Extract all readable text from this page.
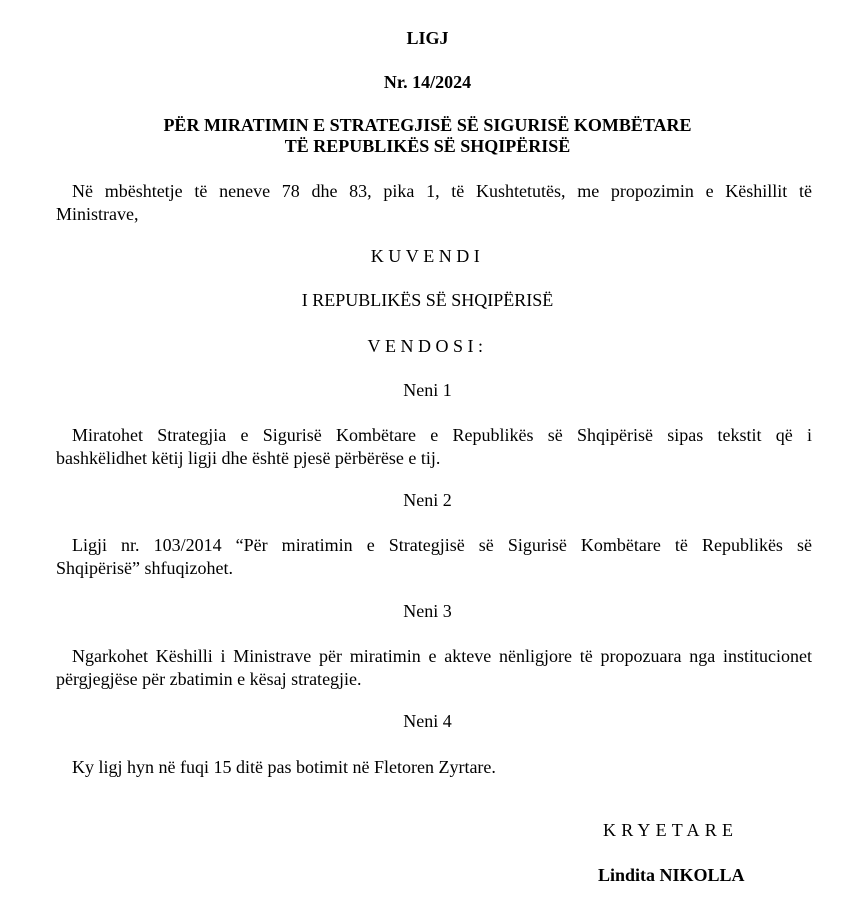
LIGJ
Nr. 14/2024
PËR MIRATIMIN E STRATEGJISË SË SIGURISË KOMBËTARE
TË REPUBLIKËS SË SHQIPËRISË
Në mbështetje të neneve 78 dhe 83, pika 1, të Kushtetutës, me propozimin e Këshillit të
Ministrave,
KUVENDI
I REPUBLIKËS SË SHQIPËRISË
VENDOSI:
Neni 1
Miratohet Strategjia e Sigurisë Kombëtare e Republikës së Shqipërisë sipas tekstit që i
bashkëlidhet këtij ligji dhe është pjesë përbërëse e tij.
Neni 2
Ligji nr. 103/2014 “Për miratimin e Strategjisë së Sigurisë Kombëtare të Republikës së
Shqipërisë” shfuqizohet.
Neni 3
Ngarkohet Këshilli i Ministrave për miratimin e akteve nënligjore të propozuara nga institucionet
përgjegjëse për zbatimin e kësaj strategjie.
Neni 4
Ky ligj hyn në fuqi 15 ditë pas botimit në Fletoren Zyrtare.
KRYETARE
Lindita NIKOLLA
